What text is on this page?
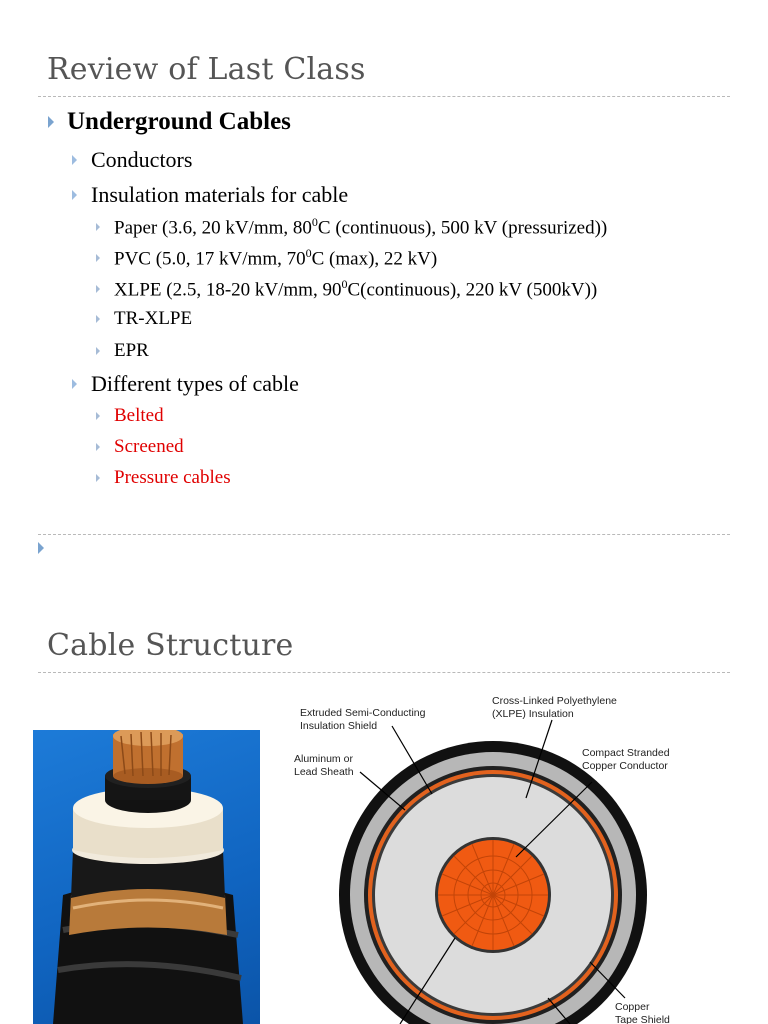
Review of Last Class
Underground Cables
Conductors
Insulation materials for cable
Paper (3.6, 20 kV/mm, $80^0C$ (continuous), 500 kV (pressurized))
PVC (5.0, 17 kV/mm, $70^0C$ (max), 22 kV)
XLPE (2.5, 18-20 kV/mm, $90^0C(continuous)$, 220 kV (500kV))
TR-XLPE
EPR
Different types of cable
Belted
Screened
Pressure cables
Cable Structure
Extruded Semi-Conducting
Insulation Shield
Cross-Linked Polyethylene
(XLPE) Insulation
Aluminum or
Lead Sheath
Compact Stranded
Copper Conductor
Copper
Tape Shield
